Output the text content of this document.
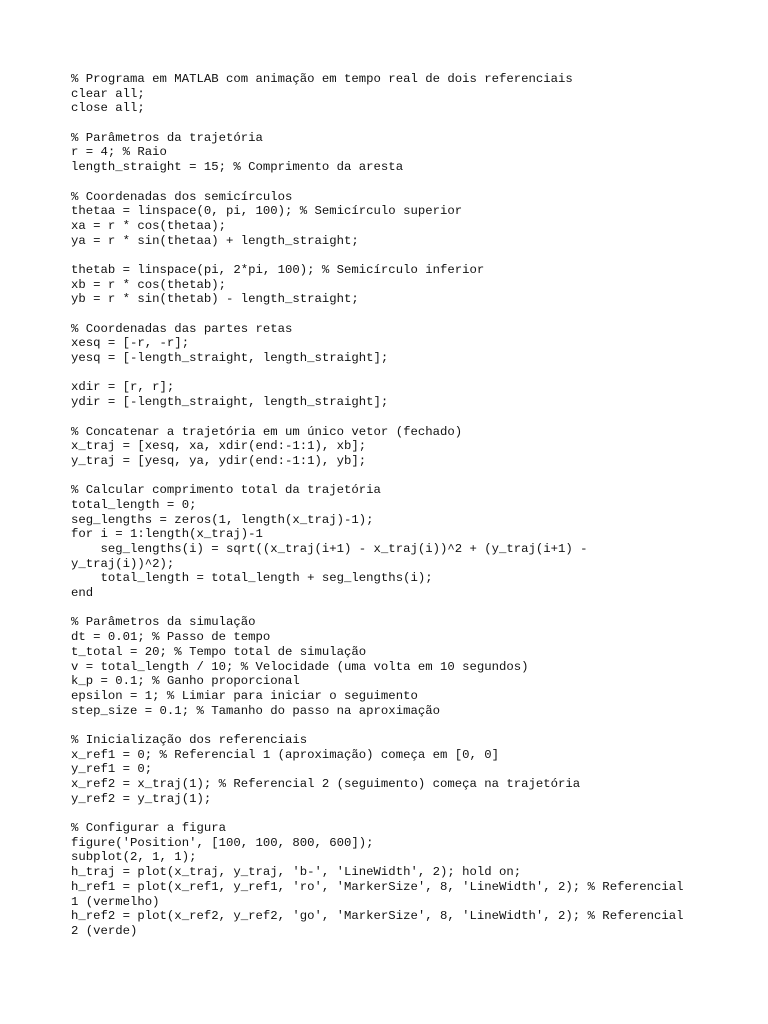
% Programa em MATLAB com animação em tempo real de dois referenciais
clear all;
close all;
% Parâmetros da trajetória
r = 4; % Raio
length_straight = 15; % Comprimento da aresta
% Coordenadas dos semicírculos
thetaa = linspace(0, pi, 100); % Semicírculo superior
xa = r * cos(thetaa);
ya = r * sin(thetaa) + length_straight;
thetab = linspace(pi, 2*pi, 100); % Semicírculo inferior
xb = r * cos(thetab);
yb = r * sin(thetab) - length_straight;
% Coordenadas das partes retas
xesq = [-r, -r];
yesq = [-length_straight, length_straight];
xdir = [r, r];
ydir = [-length_straight, length_straight];
% Concatenar a trajetória em um único vetor (fechado)
x_traj = [xesq, xa, xdir(end:-1:1), xb];
y_traj = [yesq, ya, ydir(end:-1:1), yb];
% Calcular comprimento total da trajetória
total_length = 0;
seg_lengths = zeros(1, length(x_traj)-1);
for i = 1:length(x_traj)-1
seg_lengths(i) = sqrt((x_traj(i+1) - x_traj(i))^2 + (y_traj(i+1) -
y_traj(i))^2);
total_length = total_length + seg_lengths(i);
end
% Parâmetros da simulação
dt = 0.01; % Passo de tempo
t_total = 20; % Tempo total de simulação
v = total_length / 10; % Velocidade (uma volta em 10 segundos)
k_p = 0.1; % Ganho proporcional
epsilon = 1; % Limiar para iniciar o seguimento
step_size = 0.1; % Tamanho do passo na aproximação
% Inicialização dos referenciais
x_ref1 = 0; % Referencial 1 (aproximação) começa em [0, 0]
y_ref1 = 0;
x_ref2 = x_traj(1); % Referencial 2 (seguimento) começa na trajetória
y_ref2 = y_traj(1);
% Configurar a figura
figure('Position', [100, 100, 800, 600]);
subplot(2, 1, 1);
h_traj = plot(x_traj, y_traj, 'b-', 'LineWidth', 2); hold on;
h_ref1 = plot(x_ref1, y_ref1, 'ro', 'MarkerSize', 8, 'LineWidth', 2); % Referencial
1 (vermelho)
h_ref2 = plot(x_ref2, y_ref2, 'go', 'MarkerSize', 8, 'LineWidth', 2); % Referencial
2 (verde)
